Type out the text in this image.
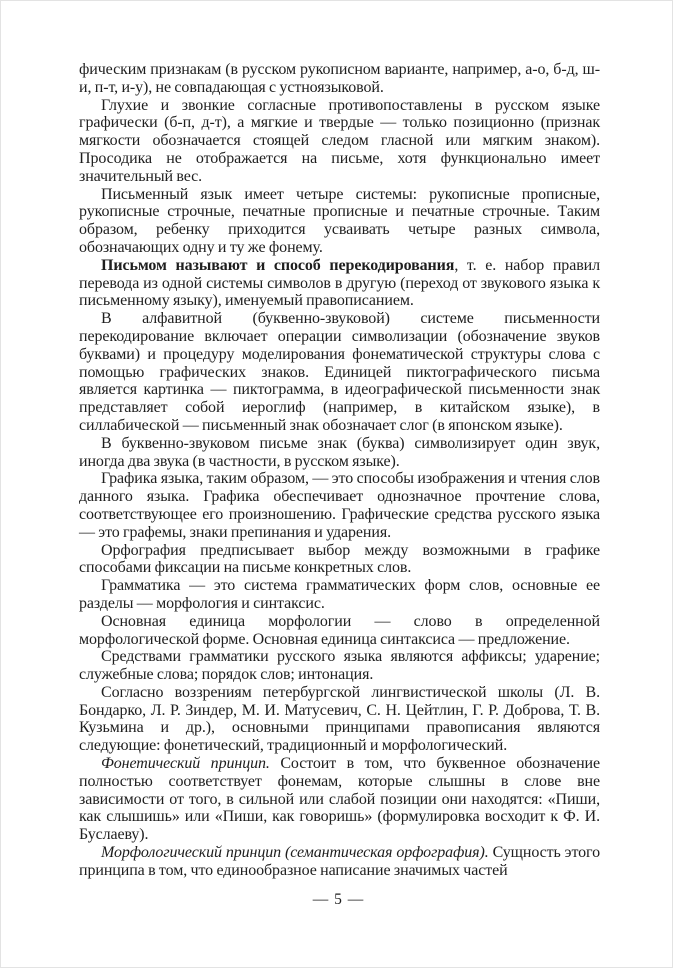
фическим признакам (в русском рукописном варианте, например, а-о, б-д, ш-и, п-т, и-у), не совпадающая с устноязыковой.

Глухие и звонкие согласные противопоставлены в русском языке графически (б-п, д-т), а мягкие и твердые — только позиционно (признак мягкости обозначается стоящей следом гласной или мягким знаком). Просодика не отображается на письме, хотя функционально имеет значительный вес.

Письменный язык имеет четыре системы: рукописные прописные, рукописные строчные, печатные прописные и печатные строчные. Таким образом, ребенку приходится усваивать четыре разных символа, обозначающих одну и ту же фонему.

Письмом называют и способ перекодирования, т. е. набор правил перевода из одной системы символов в другую (переход от звукового языка к письменному языку), именуемый правописанием.

В алфавитной (буквенно-звуковой) системе письменности перекодирование включает операции символизации (обозначение звуков буквами) и процедуру моделирования фонематической структуры слова с помощью графических знаков. Единицей пиктографического письма является картинка — пиктограмма, в идеографической письменности знак представляет собой иероглиф (например, в китайском языке), в силлабической — письменный знак обозначает слог (в японском языке).

В буквенно-звуковом письме знак (буква) символизирует один звук, иногда два звука (в частности, в русском языке).

Графика языка, таким образом, — это способы изображения и чтения слов данного языка. Графика обеспечивает однозначное прочтение слова, соответствующее его произношению. Графические средства русского языка — это графемы, знаки препинания и ударения.

Орфография предписывает выбор между возможными в графике способами фиксации на письме конкретных слов.

Грамматика — это система грамматических форм слов, основные ее разделы — морфология и синтаксис.

Основная единица морфологии — слово в определенной морфологической форме. Основная единица синтаксиса — предложение.

Средствами грамматики русского языка являются аффиксы; ударение; служебные слова; порядок слов; интонация.

Согласно воззрениям петербургской лингвистической школы (Л. В. Бондарко, Л. Р. Зиндер, М. И. Матусевич, С. Н. Цейтлин, Г. Р. Доброва, Т. В. Кузьмина и др.), основными принципами правописания являются следующие: фонетический, традиционный и морфологический.

Фонетический принцип. Состоит в том, что буквенное обозначение полностью соответствует фонемам, которые слышны в слове вне зависимости от того, в сильной или слабой позиции они находятся: «Пиши, как слышишь» или «Пиши, как говоришь» (формулировка восходит к Ф. И. Буслаеву).

Морфологический принцип (семантическая орфография). Сущность этого принципа в том, что единообразное написание значимых частей

— 5 —
